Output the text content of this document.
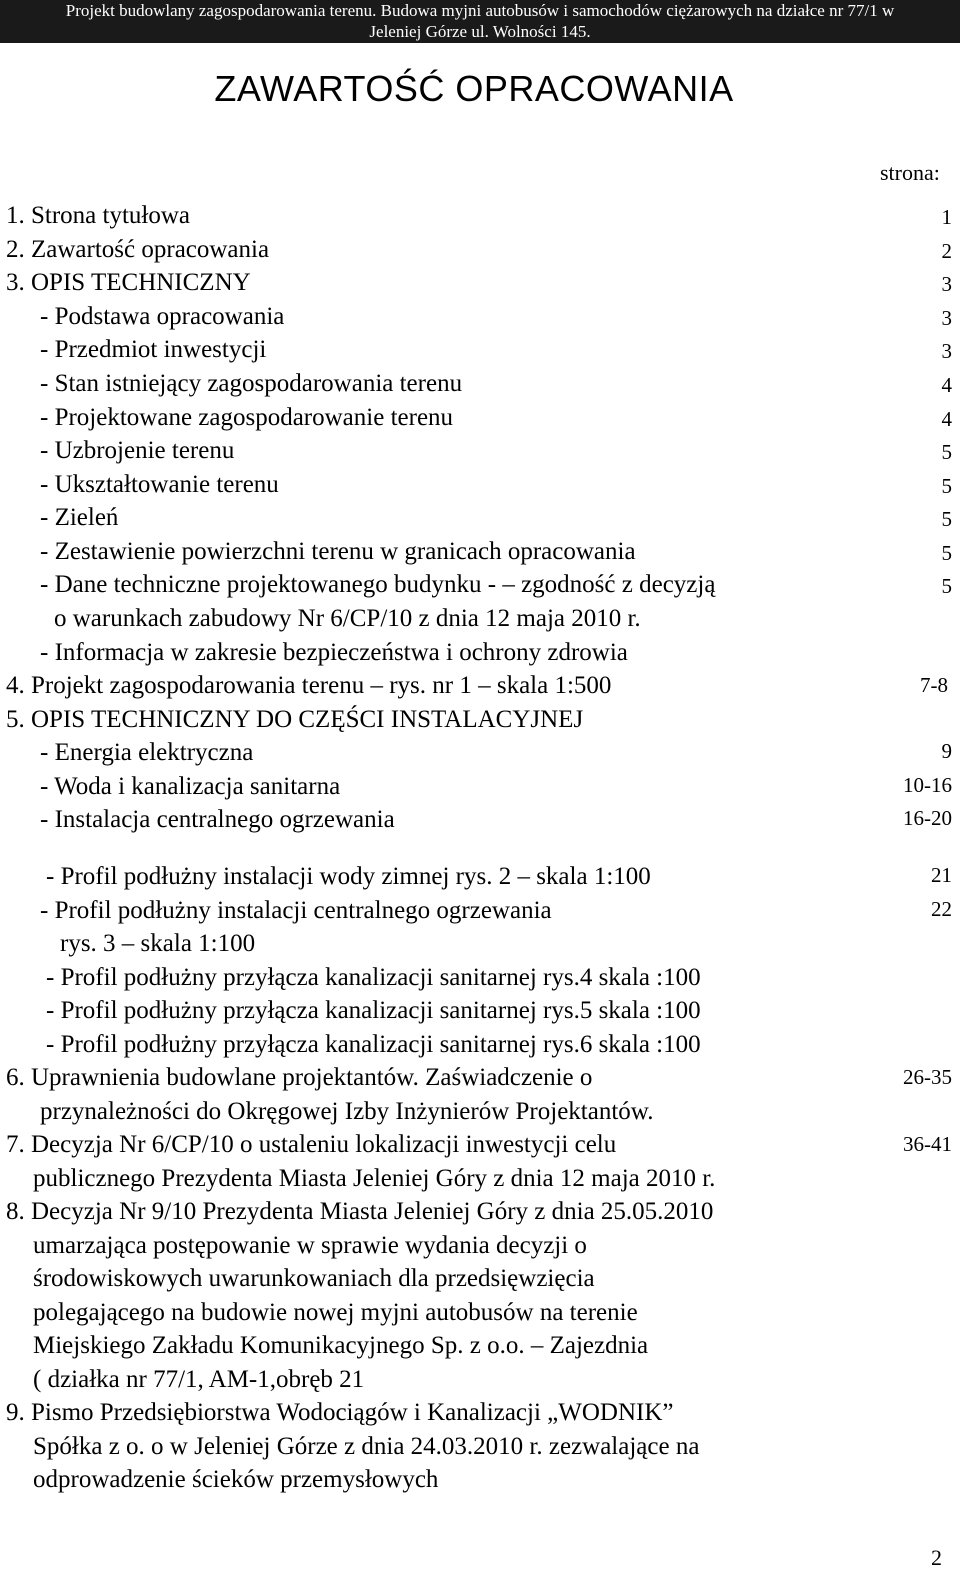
Projekt budowlany zagospodarowania terenu. Budowa myjni autobusów i samochodów ciężarowych na działce nr 77/1 w
Jeleniej Górze ul. Wolności 145.
ZAWARTOŚĆ OPRACOWANIA
strona:
1. Strona tytułowa
2. Zawartość opracowania
3. OPIS TECHNICZNY
- Podstawa opracowania
- Przedmiot inwestycji
- Stan istniejący zagospodarowania terenu
- Projektowane zagospodarowanie terenu
- Uzbrojenie terenu
- Ukształtowanie terenu
- Zieleń
- Zestawienie powierzchni terenu w granicach opracowania
- Dane techniczne projektowanego budynku - – zgodność z decyzją
o warunkach zabudowy Nr 6/CP/10 z dnia 12 maja 2010 r.
- Informacja w zakresie bezpieczeństwa i ochrony zdrowia
4. Projekt zagospodarowania terenu – rys. nr 1 – skala 1:500
5. OPIS TECHNICZNY DO CZĘŚCI INSTALACYJNEJ
- Energia elektryczna
- Woda i kanalizacja sanitarna
- Instalacja centralnego ogrzewania
- Profil podłużny instalacji wody zimnej rys. 2 – skala 1:100
- Profil podłużny instalacji centralnego ogrzewania
rys. 3 – skala 1:100
- Profil podłużny przyłącza kanalizacji sanitarnej rys.4 skala :100
- Profil podłużny przyłącza kanalizacji sanitarnej rys.5 skala :100
- Profil podłużny przyłącza kanalizacji sanitarnej rys.6 skala :100
6. Uprawnienia budowlane projektantów. Zaświadczenie o
przynależności do Okręgowej Izby Inżynierów Projektantów.
7. Decyzja Nr 6/CP/10 o ustaleniu lokalizacji inwestycji celu
publicznego Prezydenta Miasta Jeleniej Góry z dnia 12 maja 2010 r.
8. Decyzja Nr 9/10 Prezydenta Miasta Jeleniej Góry z dnia 25.05.2010
umarzająca postępowanie w sprawie wydania decyzji o
środowiskowych uwarunkowaniach dla przedsięwzięcia
polegającego na budowie nowej myjni autobusów na terenie
Miejskiego Zakładu Komunikacyjnego Sp. z o.o. – Zajezdnia
( działka nr 77/1, AM-1,obręb 21
9. Pismo Przedsiębiorstwa Wodociągów i Kanalizacji „WODNIK”
Spółka z o. o w Jeleniej Górze z dnia 24.03.2010 r. zezwalające na
odprowadzenie ścieków przemysłowych
1
2
3
3
3
4
4
5
5
5
5
5
7-8
9
10-16
16-20
21
22
26-35
36-41
2
